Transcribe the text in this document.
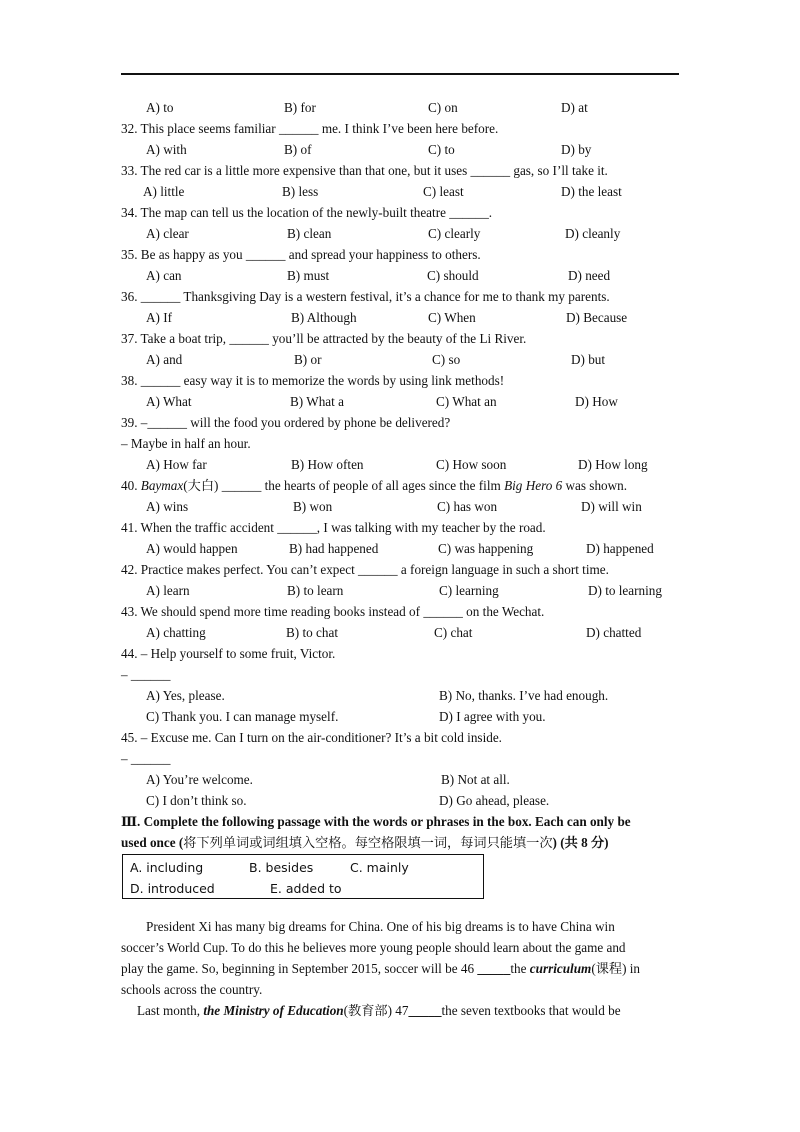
A) to	B) for	C) on	D) at
32. This place seems familiar ______ me. I think I’ve been here before.
A) with	B) of	C) to	D) by
33. The red car is a little more expensive than that one, but it uses ______ gas, so I’ll take it.
A) little	B) less	C) least	D) the least
34. The map can tell us the location of the newly-built theatre ______.
A) clear	B) clean	C) clearly	D) cleanly
35. Be as happy as you ______ and spread your happiness to others.
A) can	B) must	C) should	D) need
36. ______ Thanksgiving Day is a western festival, it’s a chance for me to thank my parents.
A) If	B) Although	C) When	D) Because
37. Take a boat trip, ______ you’ll be attracted by the beauty of the Li River.
A) and	B) or	C) so	D) but
38. ______ easy way it is to memorize the words by using link methods!
A) What	B) What a	C) What an	D) How
39. –______ will the food you ordered by phone be delivered?
– Maybe in half an hour.
A) How far	B) How often	C) How soon	D) How long
40. Baymax(大白) ______ the hearts of people of all ages since the film Big Hero 6 was shown.
A) wins	B) won	C) has won	D) will win
41. When the traffic accident ______, I was talking with my teacher by the road.
A) would happen	B) had happened	C) was happening	D) happened
42. Practice makes perfect. You can’t expect ______ a foreign language in such a short time.
A) learn	B) to learn	C) learning	D) to learning
43. We should spend more time reading books instead of ______ on the Wechat.
A) chatting	B) to chat	C) chat	D) chatted
44. – Help yourself to some fruit, Victor.
– ______
A) Yes, please.	B) No, thanks. I’ve had enough.
C) Thank you. I can manage myself.	D) I agree with you.
45. – Excuse me. Can I turn on the air-conditioner? It’s a bit cold inside.
– ______
A) You’re welcome.	B) Not at all.
C) I don’t think so.	D) Go ahead, please.
Ⅲ. Complete the following passage with the words or phrases in the box. Each can only be
used once (将下列单词或词组填入空格。每空格限填一词，每词只能填一次) (共 8 分)
A. including	B. besides	C. mainly
D. introduced	E. added to
President Xi has many big dreams for China. One of his big dreams is to have China win
soccer’s World Cup. To do this he believes more young people should learn about the game and
play the game. So, beginning in September 2015, soccer will be 46 _____the curriculum(课程) in
schools across the country.
Last month, the Ministry of Education(教育部) 47_____the seven textbooks that would be
